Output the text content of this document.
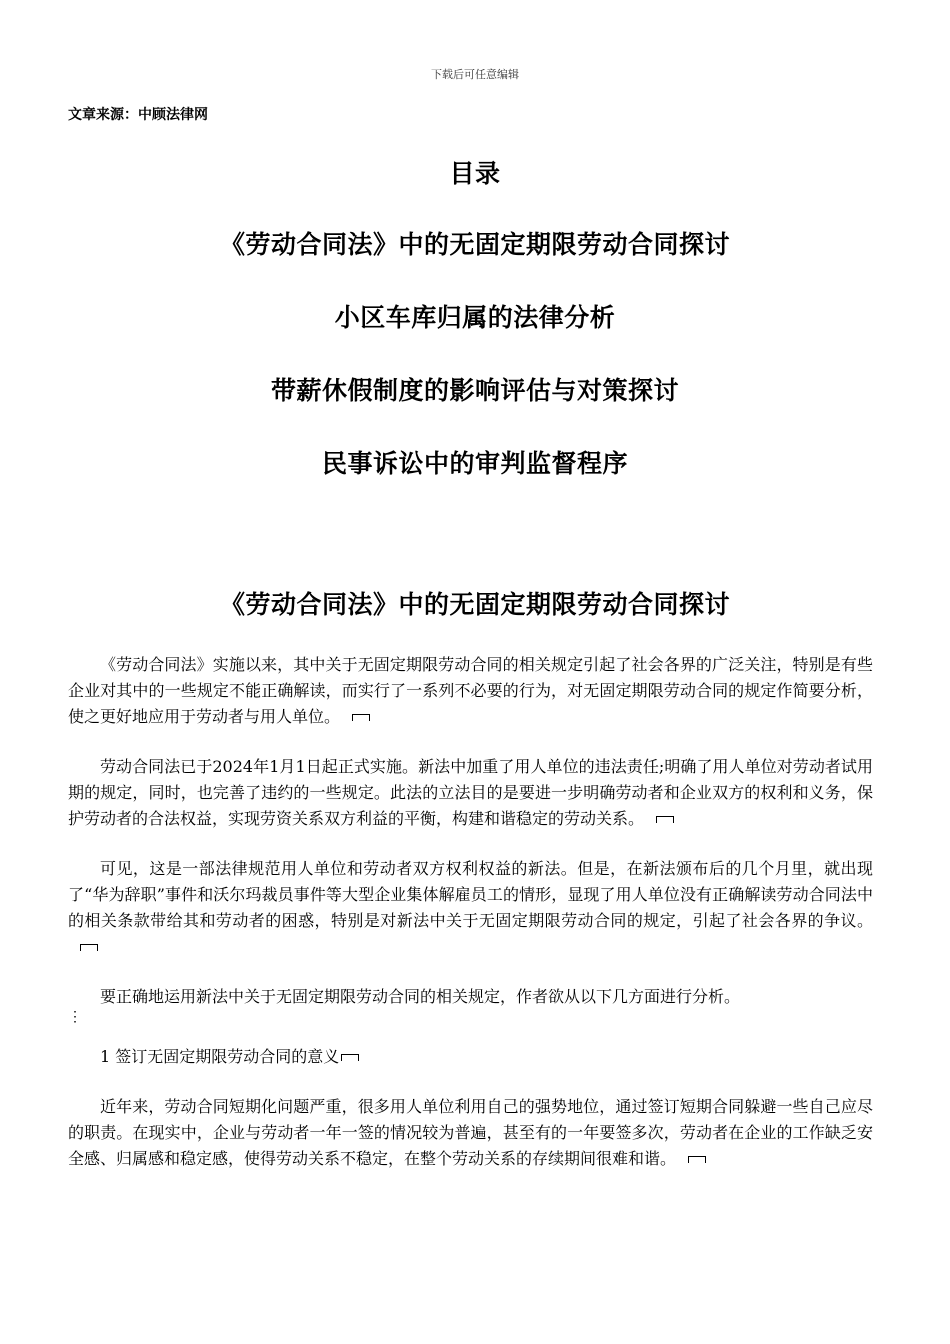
下载后可任意编辑
文章来源：中顾法律网
目录
《劳动合同法》中的无固定期限劳动合同探讨
小区车库归属的法律分析
带薪休假制度的影响评估与对策探讨
民事诉讼中的审判监督程序
《劳动合同法》中的无固定期限劳动合同探讨

《劳动合同法》实施以来，其中关于无固定期限劳动合同的相关规定引起了社会各界的广泛关注，特别是有些企业对其中的一些规定不能正确解读，而实行了一系列不必要的行为，对无固定期限劳动合同的规定作简要分析，使之更好地应用于劳动者与用人单位。

劳动合同法已于2024年1月1日起正式实施。新法中加重了用人单位的违法责任;明确了用人单位对劳动者试用期的规定，同时，也完善了违约的一些规定。此法的立法目的是要进一步明确劳动者和企业双方的权利和义务，保护劳动者的合法权益，实现劳资关系双方利益的平衡，构建和谐稳定的劳动关系。

可见，这是一部法律规范用人单位和劳动者双方权利权益的新法。但是，在新法颁布后的几个月里，就出现了“华为辞职”事件和沃尔玛裁员事件等大型企业集体解雇员工的情形，显现了用人单位没有正确解读劳动合同法中的相关条款带给其和劳动者的困惑，特别是对新法中关于无固定期限劳动合同的规定，引起了社会各界的争议。

要正确地运用新法中关于无固定期限劳动合同的相关规定，作者欲从以下几方面进行分析。
⋮

1 签订无固定期限劳动合同的意义

近年来，劳动合同短期化问题严重，很多用人单位利用自己的强势地位，通过签订短期合同躲避一些自己应尽的职责。在现实中，企业与劳动者一年一签的情况较为普遍，甚至有的一年要签多次，劳动者在企业的工作缺乏安全感、归属感和稳定感，使得劳动关系不稳定，在整个劳动关系的存续期间很难和谐。
